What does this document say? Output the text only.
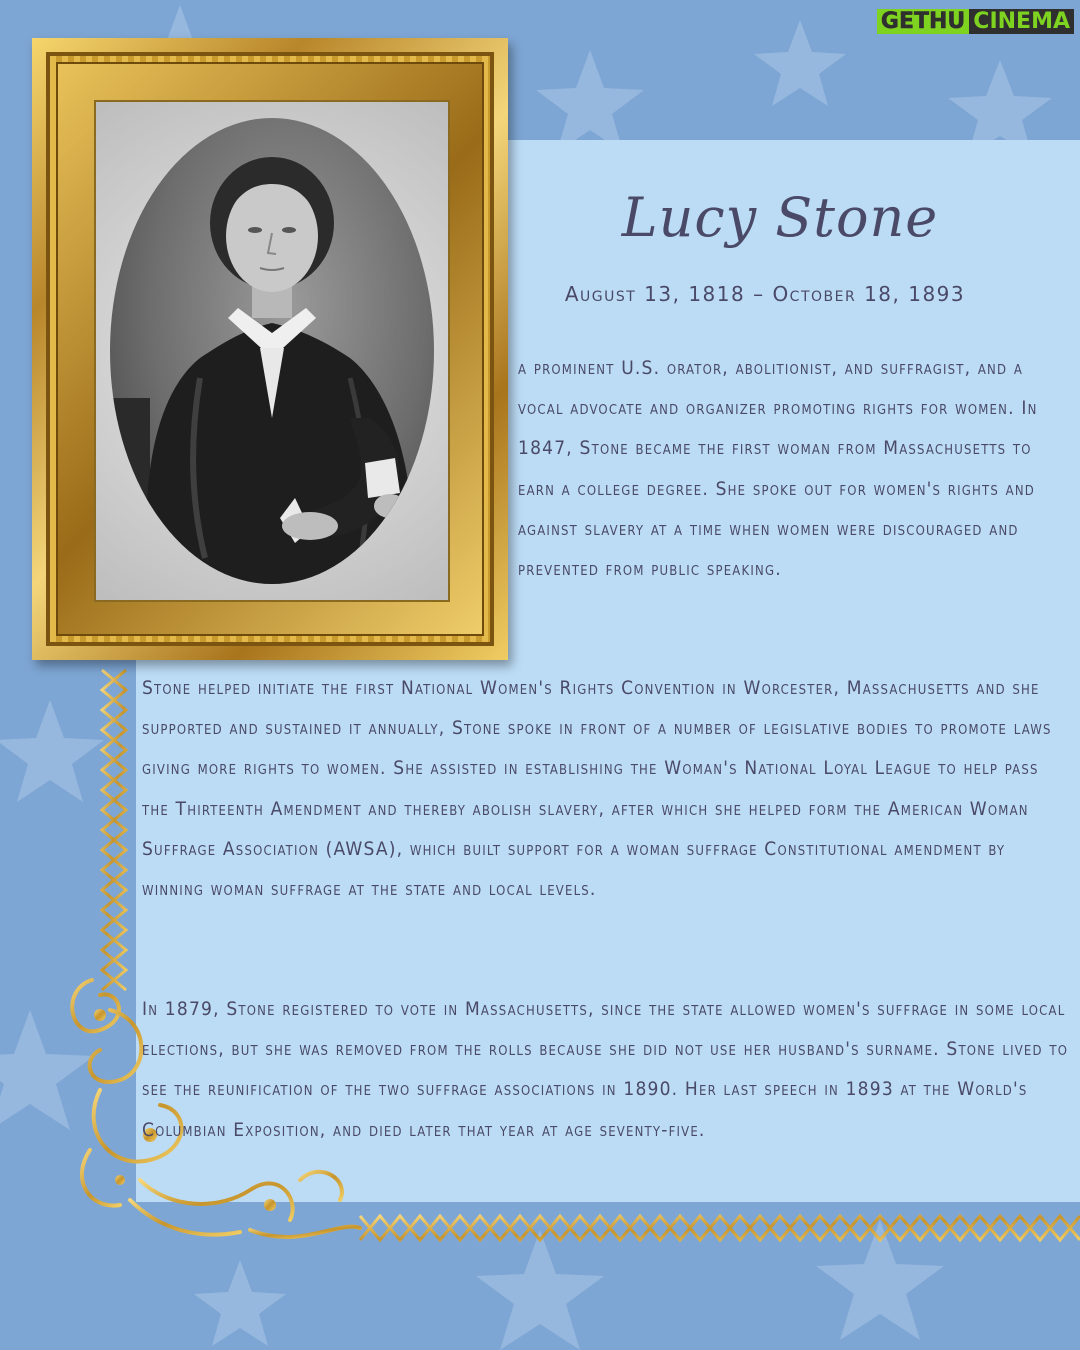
GETHU CINEMA
Lucy Stone
August 13, 1818 – October 18, 1893

a prominent U.S. orator, abolitionist, and suffragist, and a vocal advocate and organizer promoting rights for women. In 1847, Stone became the first woman from Massachusetts to earn a college degree. She spoke out for women's rights and against slavery at a time when women were discouraged and prevented from public speaking.

Stone helped initiate the first National Women's Rights Convention in Worcester, Massachusetts and she supported and sustained it annually, Stone spoke in front of a number of legislative bodies to promote laws giving more rights to women. She assisted in establishing the Woman's National Loyal League to help pass the Thirteenth Amendment and thereby abolish slavery, after which she helped form the American Woman Suffrage Association (AWSA), which built support for a woman suffrage Constitutional amendment by winning woman suffrage at the state and local levels.

In 1879, Stone registered to vote in Massachusetts, since the state allowed women's suffrage in some local elections, but she was removed from the rolls because she did not use her husband's surname. Stone lived to see the reunification of the two suffrage associations in 1890. Her last speech in 1893 at the World's Columbian Exposition, and died later that year at age seventy-five.
